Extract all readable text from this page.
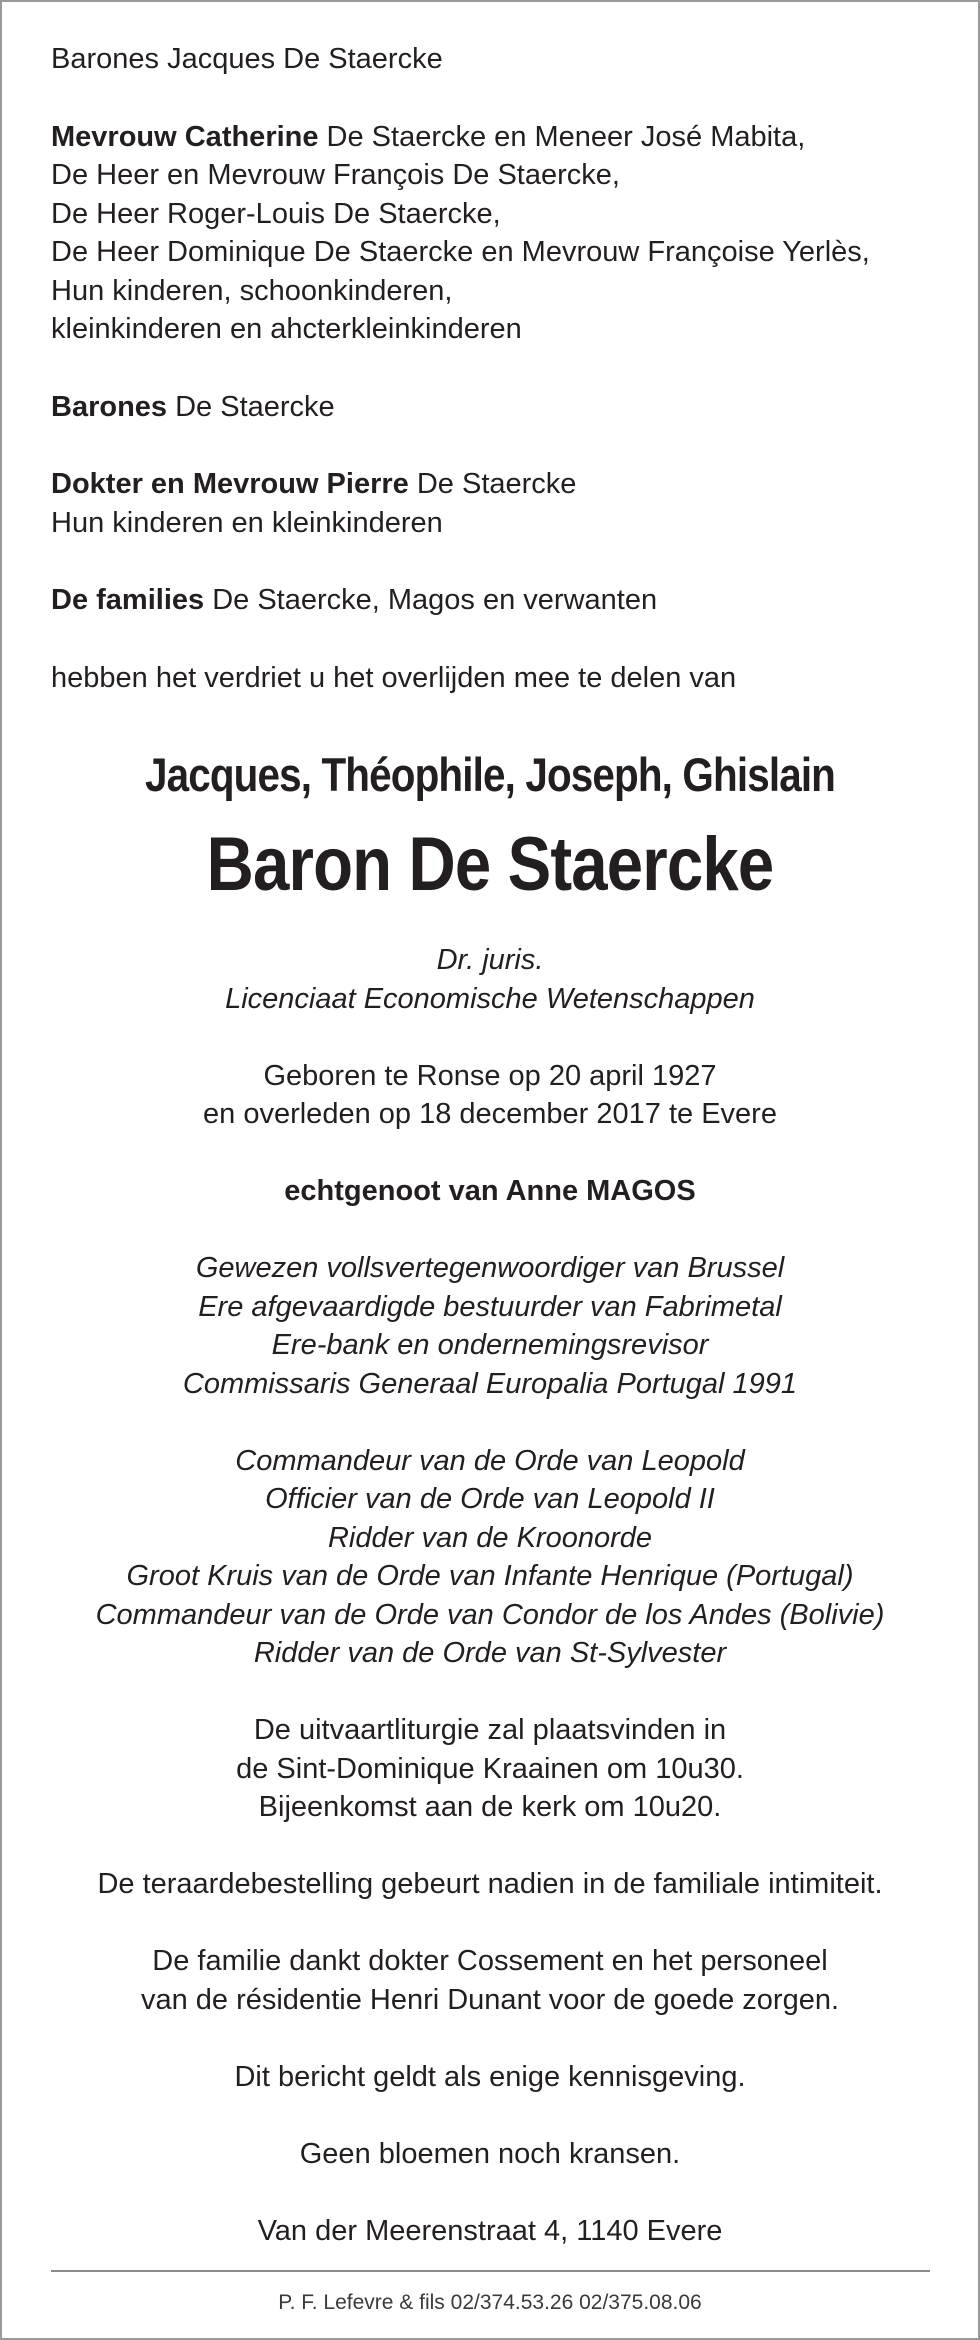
Barones Jacques De Staercke

Mevrouw Catherine De Staercke en Meneer José Mabita,
De Heer en Mevrouw François De Staercke,
De Heer Roger-Louis De Staercke,
De Heer Dominique De Staercke en Mevrouw Françoise Yerlès,
Hun kinderen, schoonkinderen,
kleinkinderen en ahcterkleinkinderen

Barones De Staercke

Dokter en Mevrouw Pierre De Staercke
Hun kinderen en kleinkinderen

De families De Staercke, Magos en verwanten

hebben het verdriet u het overlijden mee te delen van

Jacques, Théophile, Joseph, Ghislain
Baron De Staercke
Dr. juris.
Licenciaat Economische Wetenschappen
Geboren te Ronse op 20 april 1927
en overleden op 18 december 2017 te Evere
echtgenoot van Anne MAGOS
Gewezen vollsvertegenwoordiger van Brussel
Ere afgevaardigde bestuurder van Fabrimetal
Ere-bank en ondernemingsrevisor
Commissaris Generaal Europalia Portugal 1991
Commandeur van de Orde van Leopold
Officier van de Orde van Leopold II
Ridder van de Kroonorde
Groot Kruis van de Orde van Infante Henrique (Portugal)
Commandeur van de Orde van Condor de los Andes (Bolivie)
Ridder van de Orde van St-Sylvester
De uitvaartliturgie zal plaatsvinden in
de Sint-Dominique Kraainen om 10u30.
Bijeenkomst aan de kerk om 10u20.
De teraardebestelling gebeurt nadien in de familiale intimiteit.
De familie dankt dokter Cossement en het personeel
van de résidentie Henri Dunant voor de goede zorgen.
Dit bericht geldt als enige kennisgeving.
Geen bloemen noch kransen.
Van der Meerenstraat 4, 1140 Evere
P. F. Lefevre & fils 02/374.53.26 02/375.08.06
